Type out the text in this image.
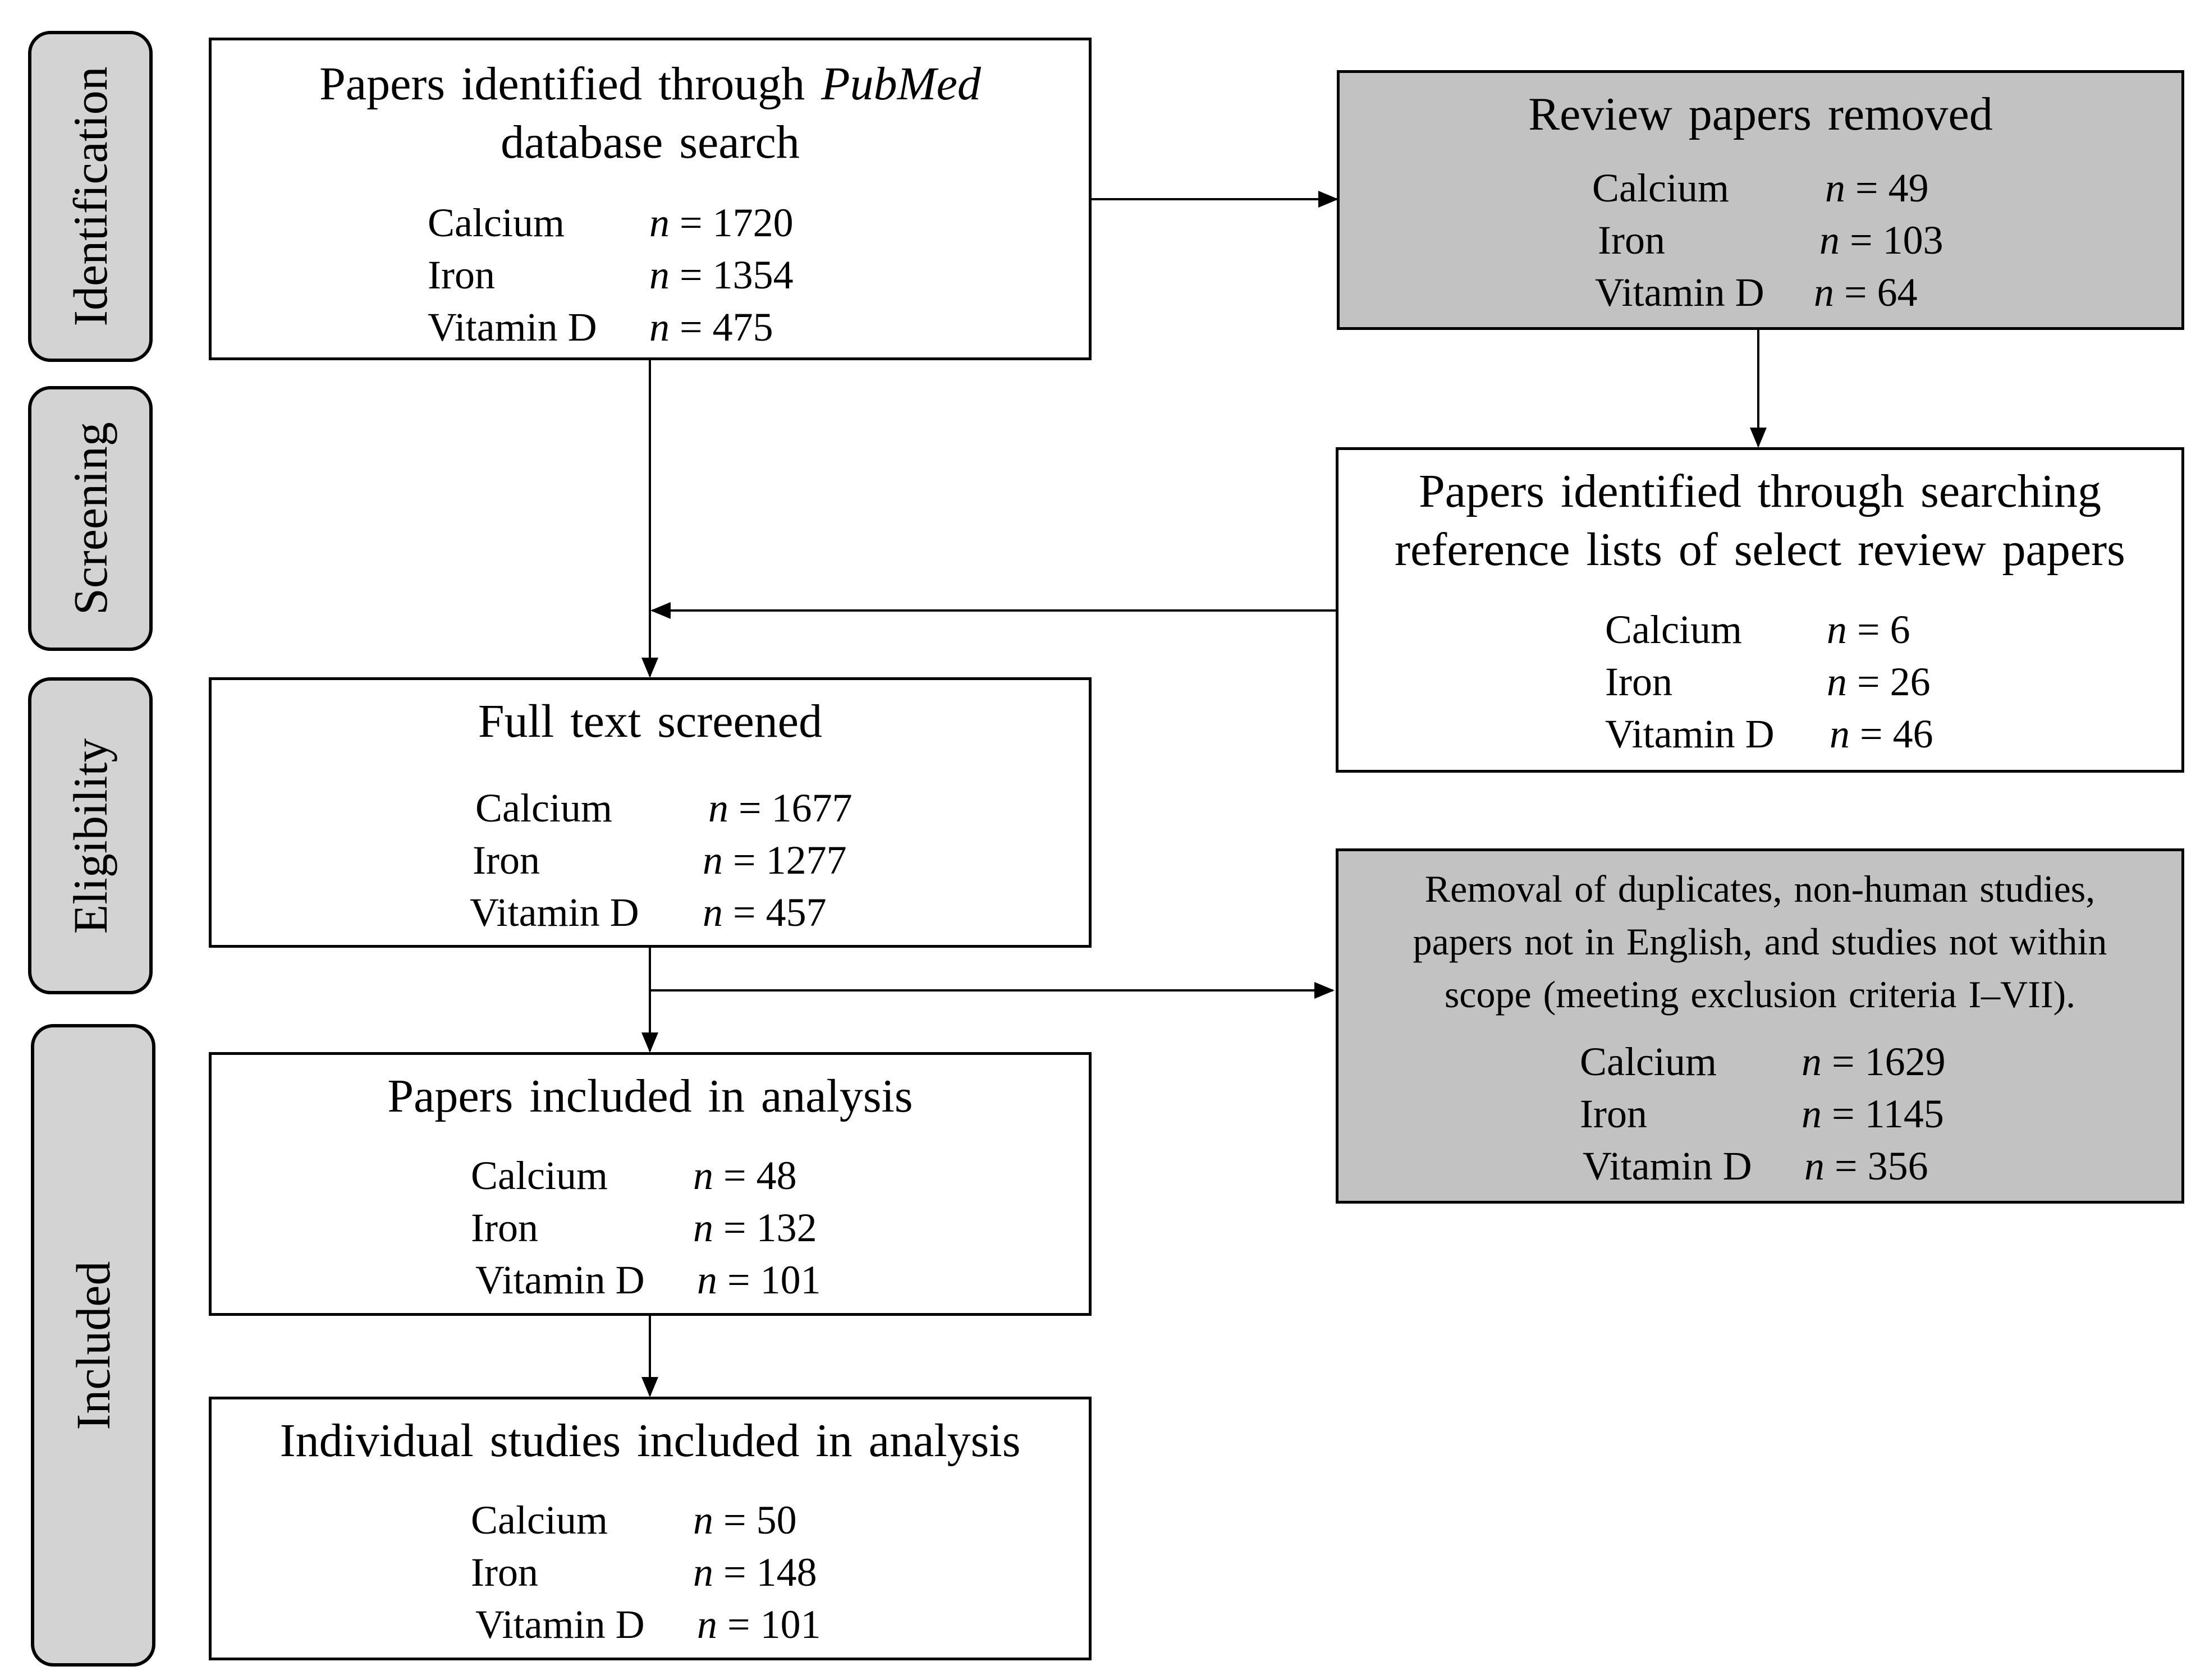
Identification
Screening
Eligibility
Included
Papers identified through PubMed
database search
Calcium n = 1720
Iron	n = 1354
Vitamin D n = 475
Review papers removed
Calcium n = 49
Iron	n = 103
Vitamin D n = 64
Papers identified through searching
reference lists of select review papers
Calcium n = 6
Iron	n = 26
Vitamin D n = 46
Full text screened
Calcium n = 1677
Iron	n = 1277
Vitamin D n = 457
Removal of duplicates, non-human studies,
papers not in English, and studies not within
scope (meeting exclusion criteria I–VII).
Calcium n = 1629
Iron	n = 1145
Vitamin D n = 356
Papers included in analysis
Calcium n = 48
Iron	n = 132
Vitamin D n = 101
Individual studies included in analysis
Calcium n = 50
Iron	n = 148
Vitamin D n = 101
